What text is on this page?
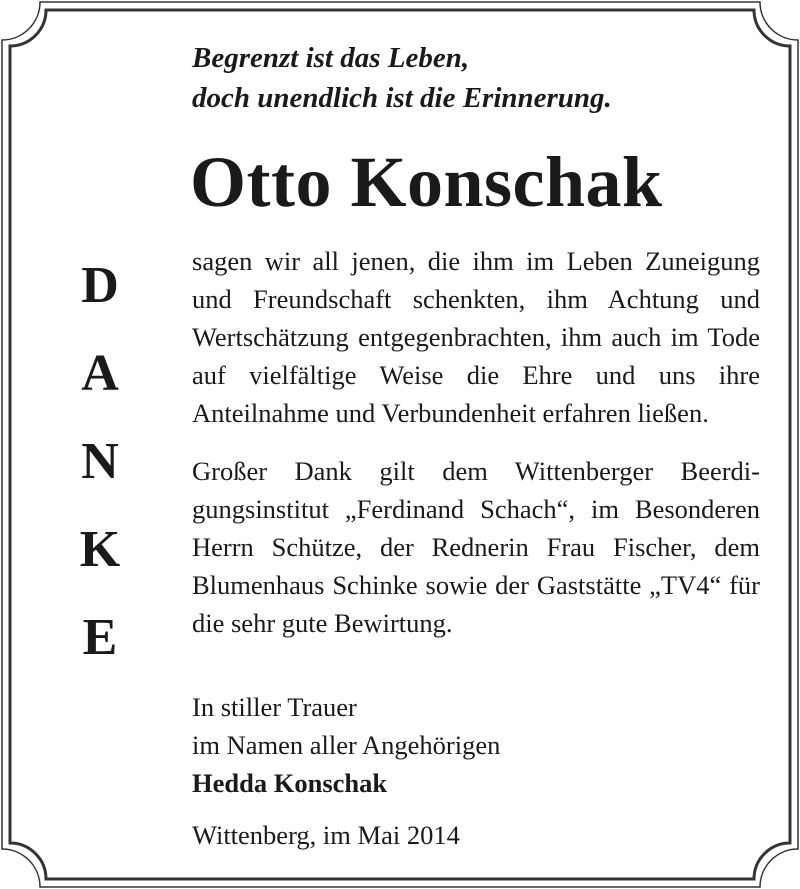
Begrenzt ist das Leben,
doch unendlich ist die Erinnerung.
Otto Konschak
D
A
N
K
E

sagen wir all jenen, die ihm im Leben Zuneigung und Freundschaft schenkten, ihm Achtung und Wertschätzung entgegenbrachten, ihm auch im Tode auf vielfältige Weise die Ehre und uns ihre Anteilnahme und Verbundenheit erfahren ließen.

Großer Dank gilt dem Wittenberger Beerdigungsinstitut „Ferdinand Schach“, im Besonderen Herrn Schütze, der Rednerin Frau Fischer, dem Blumenhaus Schinke sowie der Gaststätte „TV4“ für die sehr gute Bewirtung.

In stiller Trauer
im Namen aller Angehörigen
Hedda Konschak
Wittenberg, im Mai 2014
